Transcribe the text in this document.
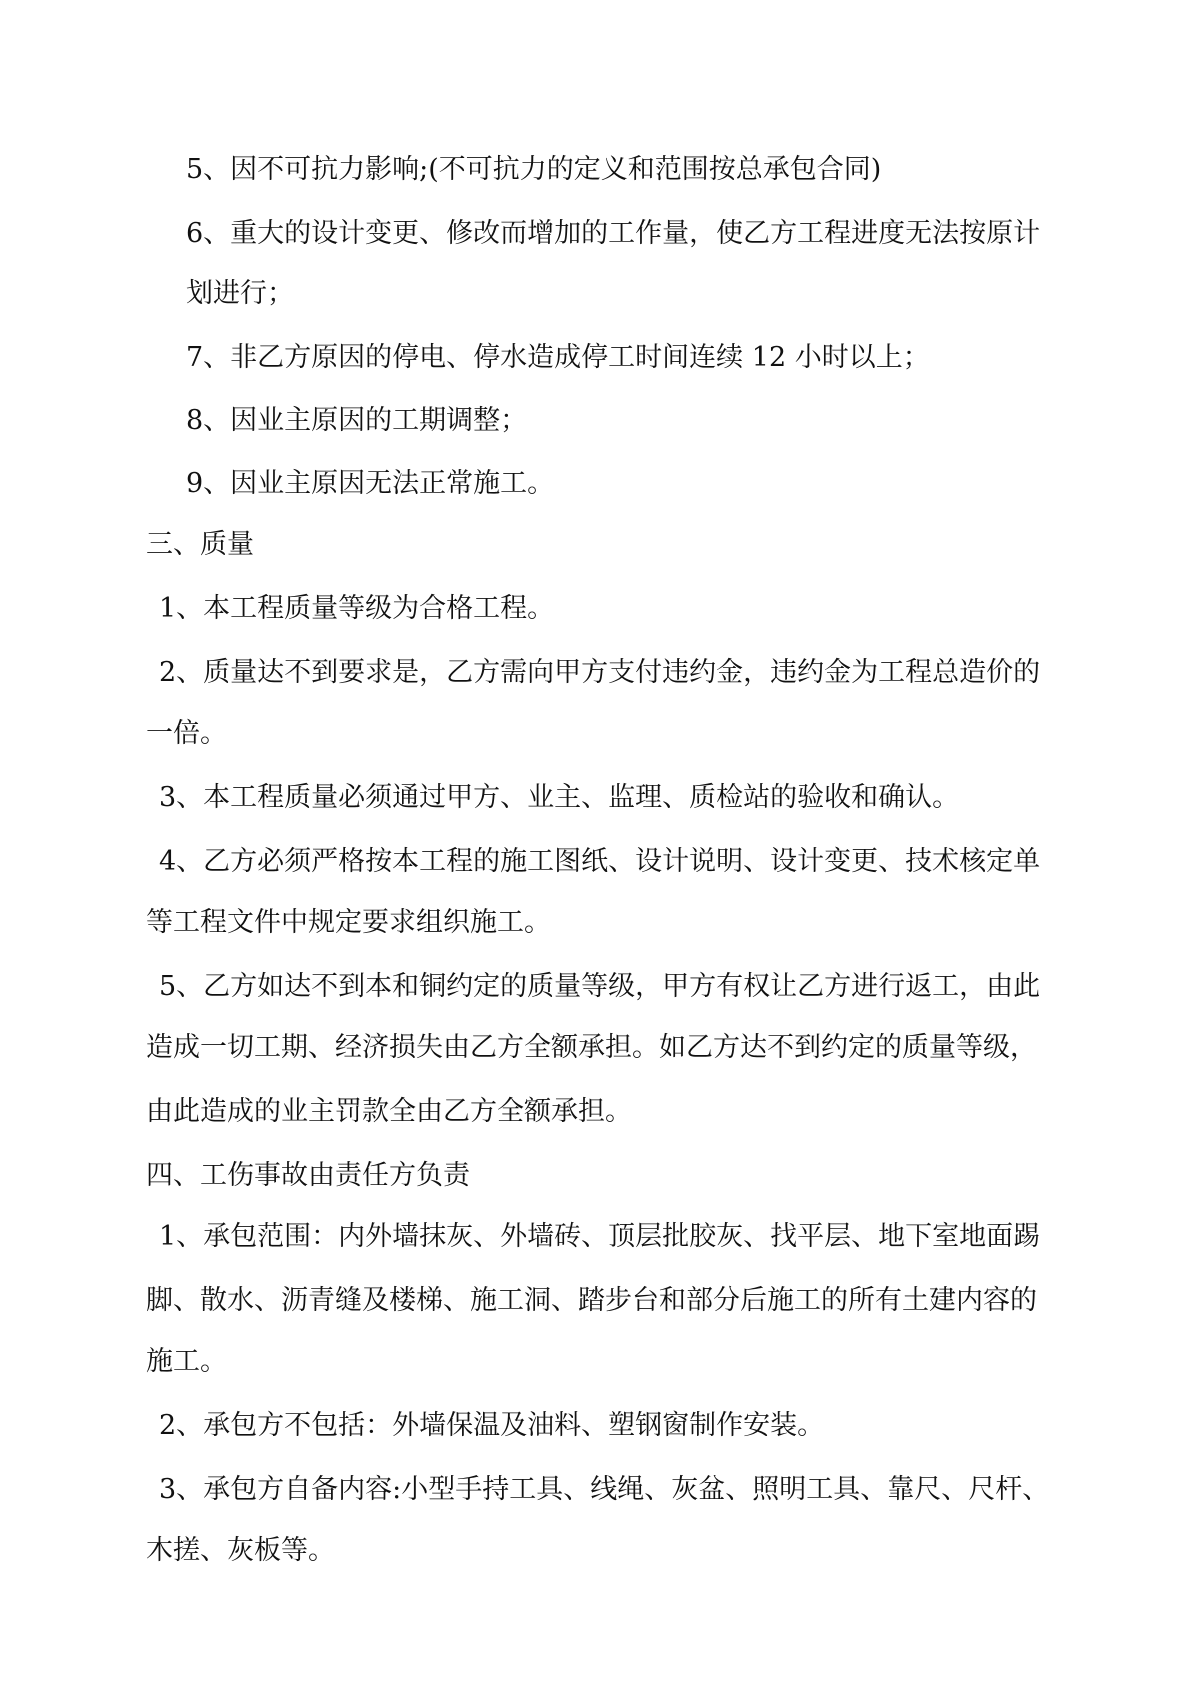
5、因不可抗力影响;(不可抗力的定义和范围按总承包合同)
6、重大的设计变更、修改而增加的工作量，使乙方工程进度无法按原计
划进行；
7、非乙方原因的停电、停水造成停工时间连续 12 小时以上；
8、因业主原因的工期调整；
9、因业主原因无法正常施工。
三、质量
1、本工程质量等级为合格工程。
2、质量达不到要求是，乙方需向甲方支付违约金，违约金为工程总造价的
一倍。
3、本工程质量必须通过甲方、业主、监理、质检站的验收和确认。
4、乙方必须严格按本工程的施工图纸、设计说明、设计变更、技术核定单
等工程文件中规定要求组织施工。
5、乙方如达不到本和铜约定的质量等级，甲方有权让乙方进行返工，由此
造成一切工期、经济损失由乙方全额承担。如乙方达不到约定的质量等级，
由此造成的业主罚款全由乙方全额承担。
四、工伤事故由责任方负责
1、承包范围：内外墙抹灰、外墙砖、顶层批胶灰、找平层、地下室地面踢
脚、散水、沥青缝及楼梯、施工洞、踏步台和部分后施工的所有土建内容的
施工。
2、承包方不包括：外墙保温及油料、塑钢窗制作安装。
3、承包方自备内容:小型手持工具、线绳、灰盆、照明工具、靠尺、尺杆、
木搓、灰板等。
